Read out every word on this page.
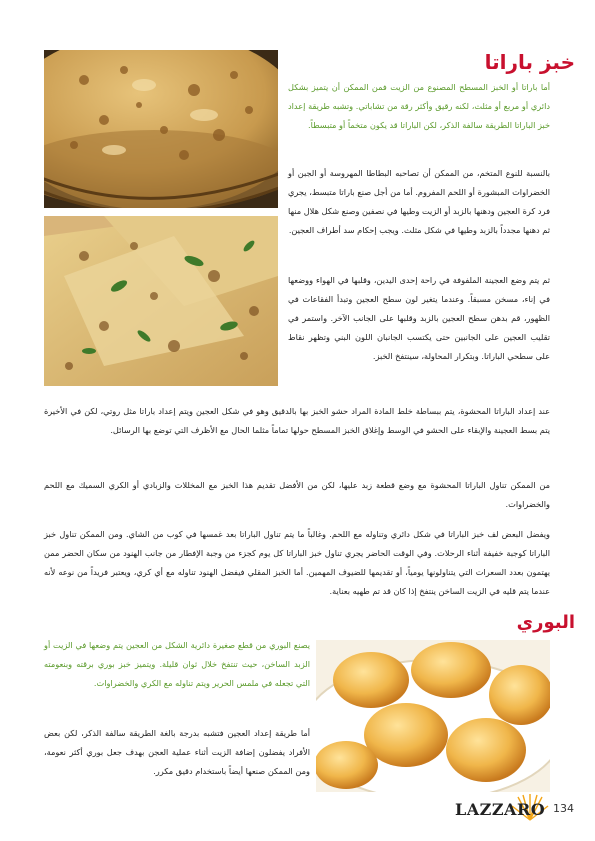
خبز باراتا

أما باراتا أو الخبز المسطح المصنوع من الزيت فمن الممكن أن يتميز بشكل دائري أو مربع أو مثلث، لكنه رقيق وأكثر رقة من تشاباتي. وتشبه طريقة إعداد خبز الباراتا الطريقة سالفة الذكر، لكن الباراتا قد يكون متخماً أو متبسطاً.

بالنسبة للنوع المتخم، من الممكن أن تصاحبه البطاطا المهروسة أو الجبن أو الخضراوات المبشورة أو اللحم المفروم. أما من أجل صنع باراتا متبسط، يجري فرد كرة العجين ودهنها بالزبد أو الزيت وطيها في نصفين وصنع شكل هلال منها ثم دهنها مجدداً بالزبد وطيها في شكل مثلث. ويجب إحكام سد أطراف العجين.

ثم يتم وضع العجينة الملفوفة في راحة إحدى اليدين، وقلبها في الهواء ووضعها في إناء، مسخن مسبقاً. وعندما يتغير لون سطح العجين وتبدأ الفقاعات في الظهور، قم بدهن سطح العجين بالزبد وقلبها على الجانب الآخر. واستمر في تقليب العجين على الجانبين حتى يكتسب الجانبان اللون البني وتظهر نقاط على سطحي الباراتا. وبتكرار المحاولة، سينتفخ الخبز.

عند إعداد الباراتا المحشوة، يتم ببساطة خلط المادة المراد حشو الخبز بها بالدقيق وهو في شكل العجين ويتم إعداد باراتا مثل روتي، لكن في الأخيرة يتم بسط العجينة والإبقاء على الحشو في الوسط وإغلاق الخبز المسطح حولها تماماً مثلما الحال مع الأظرف التي توضع بها الرسائل.

من الممكن تناول الباراتا المحشوة مع وضع قطعة زبد عليها، لكن من الأفضل تقديم هذا الخبز مع المخللات والزبادي أو الكري السميك مع اللحم والخضراوات.

ويفضل البعض لف خبز الباراتا في شكل دائري وتناوله مع اللحم. وغالباً ما يتم تناول الباراتا بعد غمسها في كوب من الشاي. ومن الممكن تناول خبز الباراتا كوجبة خفيفة أثناء الرحلات. وفي الوقت الحاضر يجري تناول خبز الباراتا كل يوم كجزء من وجبة الإفطار من جانب الهنود من سكان الحضر ممن يهتمون بعدد السعرات التي يتناولونها يومياً، أو تقديمها للضيوف المهمين. أما الخبز المقلي فيفضل الهنود تناوله مع أي كري، ويعتبر فريداً من نوعه لأنه عندما يتم قليه في الزيت الساخن ينتفخ إذا كان قد تم طهيه بعناية.

البوري

يصنع البوري من قطع صغيرة دائرية الشكل من العجين يتم وضعها في الزيت أو الزبد الساخن، حيث تنتفخ خلال ثوان قليلة. ويتميز خبز بوري برقته وبنعومته التي تجعله في ملمس الحرير ويتم تناوله مع الكري والخضراوات.

أما طريقة إعداد العجين فتشبه بدرجة بالغة الطريقة سالفة الذكر، لكن بعض الأفراد يفضلون إضافة الزيت أثناء عملية العجن بهدف جعل بوري أكثر نعومة، ومن الممكن صنعها أيضاً باستخدام دقيق مكرر.

LAZZARO 134
